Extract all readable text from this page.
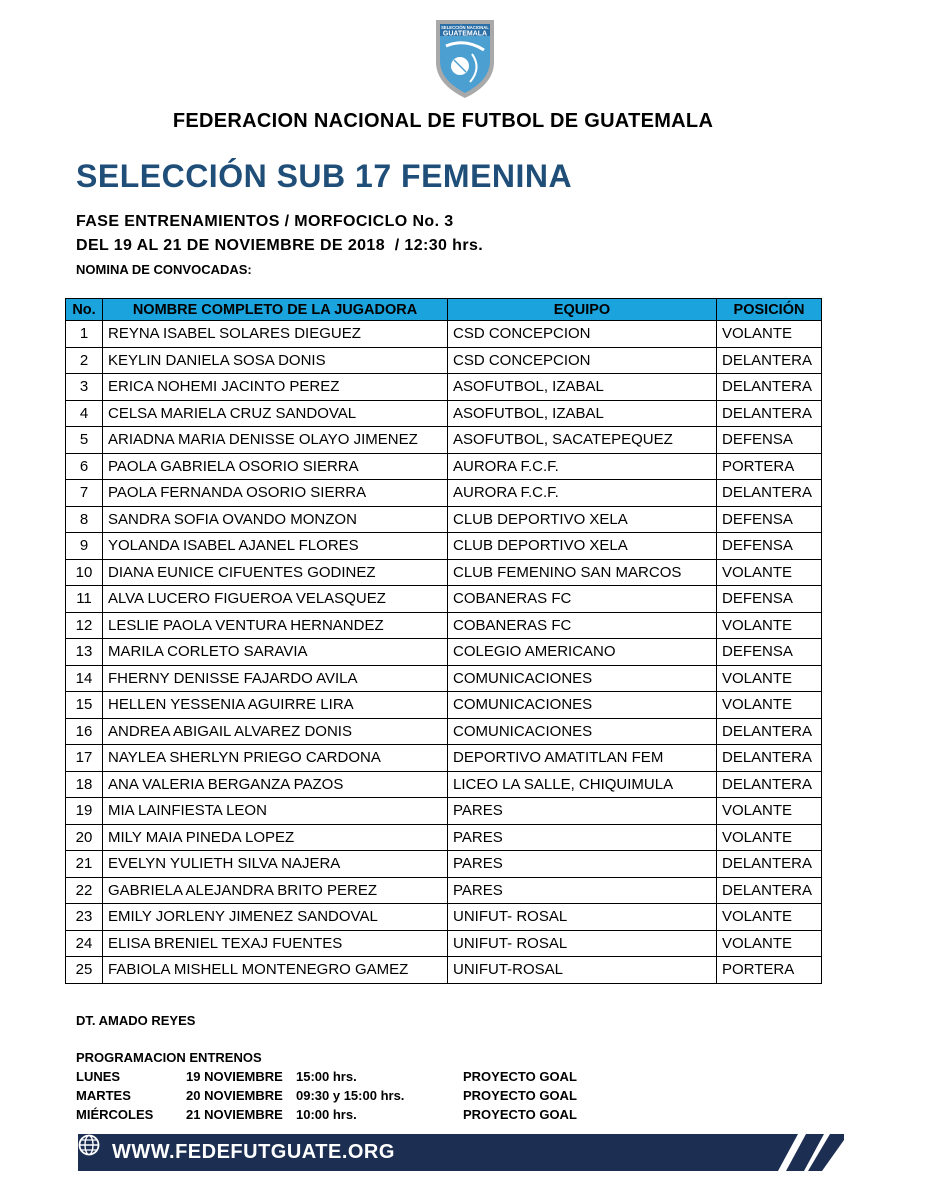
SELECCIÓN NACIONAL
GUATEMALA
FEDERACION NACIONAL DE FUTBOL DE GUATEMALA
SELECCIÓN SUB 17 FEMENINA
FASE ENTRENAMIENTOS / MORFOCICLO No. 3
DEL 19 AL 21 DE NOVIEMBRE DE 2018  / 12:30 hrs.
NOMINA DE CONVOCADAS:
No.	NOMBRE COMPLETO DE LA JUGADORA	EQUIPO	POSICIÓN
1	REYNA ISABEL SOLARES DIEGUEZ	CSD CONCEPCION	VOLANTE
2	KEYLIN DANIELA SOSA DONIS	CSD CONCEPCION	DELANTERA
3	ERICA NOHEMI JACINTO PEREZ	ASOFUTBOL, IZABAL	DELANTERA
4	CELSA MARIELA CRUZ SANDOVAL	ASOFUTBOL, IZABAL	DELANTERA
5	ARIADNA MARIA DENISSE OLAYO JIMENEZ	ASOFUTBOL, SACATEPEQUEZ	DEFENSA
6	PAOLA GABRIELA OSORIO SIERRA	AURORA F.C.F.	PORTERA
7	PAOLA FERNANDA OSORIO SIERRA	AURORA F.C.F.	DELANTERA
8	SANDRA SOFIA OVANDO MONZON	CLUB DEPORTIVO XELA	DEFENSA
9	YOLANDA ISABEL AJANEL FLORES	CLUB DEPORTIVO XELA	DEFENSA
10	DIANA EUNICE CIFUENTES GODINEZ	CLUB FEMENINO SAN MARCOS	VOLANTE
11	ALVA LUCERO FIGUEROA VELASQUEZ	COBANERAS FC	DEFENSA
12	LESLIE PAOLA VENTURA HERNANDEZ	COBANERAS FC	VOLANTE
13	MARILA CORLETO SARAVIA	COLEGIO AMERICANO	DEFENSA
14	FHERNY DENISSE FAJARDO AVILA	COMUNICACIONES	VOLANTE
15	HELLEN YESSENIA AGUIRRE LIRA	COMUNICACIONES	VOLANTE
16	ANDREA ABIGAIL ALVAREZ DONIS	COMUNICACIONES	DELANTERA
17	NAYLEA SHERLYN PRIEGO CARDONA	DEPORTIVO AMATITLAN FEM	DELANTERA
18	ANA VALERIA BERGANZA PAZOS	LICEO LA SALLE, CHIQUIMULA	DELANTERA
19	MIA LAINFIESTA LEON	PARES	VOLANTE
20	MILY MAIA PINEDA LOPEZ	PARES	VOLANTE
21	EVELYN YULIETH SILVA NAJERA	PARES	DELANTERA
22	GABRIELA ALEJANDRA BRITO PEREZ	PARES	DELANTERA
23	EMILY JORLENY JIMENEZ SANDOVAL	UNIFUT- ROSAL	VOLANTE
24	ELISA BRENIEL TEXAJ FUENTES	UNIFUT- ROSAL	VOLANTE
25	FABIOLA MISHELL MONTENEGRO GAMEZ	UNIFUT-ROSAL	PORTERA
DT. AMADO REYES
PROGRAMACION ENTRENOS
LUNES	19 NOVIEMBRE 15:00 hrs.	PROYECTO GOAL
MARTES	20 NOVIEMBRE 09:30 y 15:00 hrs.	PROYECTO GOAL
MIÉRCOLES	21 NOVIEMBRE 10:00 hrs.	PROYECTO GOAL
WWW.FEDEFUTGUATE.ORG
